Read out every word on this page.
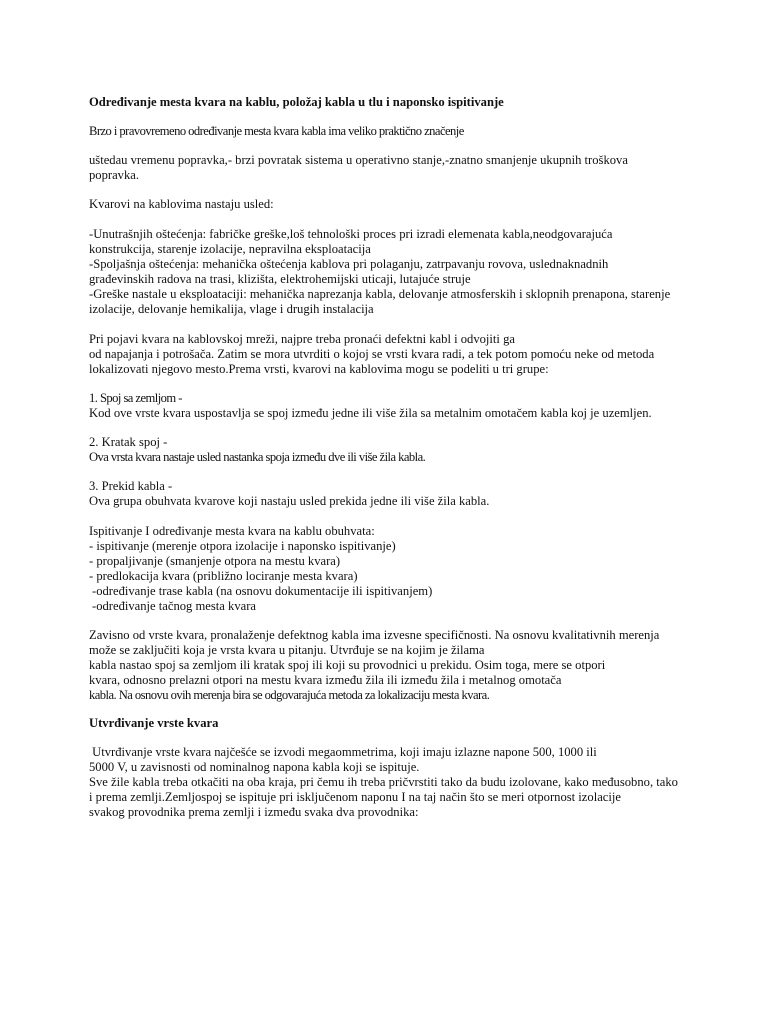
Određivanje mesta kvara na kablu, položaj kabla u tlu i naponsko ispitivanje

Brzo i pravovremeno određivanje mesta kvara kabla ima veliko praktično značenje

uštedau vremenu popravka,- brzi povratak sistema u operativno stanje,-znatno smanjenje ukupnih troškova
popravka.

Kvarovi na kablovima nastaju usled:

-Unutrašnjih oštećenja: fabričke greške,loš tehnološki proces pri izradi elemenata kabla,neodgovarajuća
konstrukcija, starenje izolacije, nepravilna eksploatacija
-Spoljašnja oštećenja: mehanička oštećenja kablova pri polaganju, zatrpavanju rovova, uslednaknadnih
građevinskih radova na trasi, klizišta, elektrohemijski uticaji, lutajuće struje
-Greške nastale u eksploataciji: mehanička naprezanja kabla, delovanje atmosferskih i sklopnih prenapona, starenje
izolacije, delovanje hemikalija, vlage i drugih instalacija

Pri pojavi kvara na kablovskoj mreži, najpre treba pronaći defektni kabl i odvojiti ga
od napajanja i potrošača. Zatim se mora utvrditi o kojoj se vrsti kvara radi, a tek potom pomoću neke od metoda
lokalizovati njegovo mesto.Prema vrsti, kvarovi na kablovima mogu se podeliti u tri grupe:

1. Spoj sa zemljom -
Kod ove vrste kvara uspostavlja se spoj između jedne ili više žila sa metalnim omotačem kabla koj je uzemljen.

2. Kratak spoj -
Ova vrsta kvara nastaje usled nastanka spoja između dve ili više žila kabla.

3. Prekid kabla -
Ova grupa obuhvata kvarove koji nastaju usled prekida jedne ili više žila kabla.

Ispitivanje I određivanje mesta kvara na kablu obuhvata:
- ispitivanje (merenje otpora izolacije i naponsko ispitivanje)
- propaljivanje (smanjenje otpora na mestu kvara)
- predlokacija kvara (približno lociranje mesta kvara)
-određivanje trase kabla (na osnovu dokumentacije ili ispitivanjem)
-određivanje tačnog mesta kvara

Zavisno od vrste kvara, pronalaženje defektnog kabla ima izvesne specifičnosti. Na osnovu kvalitativnih merenja
može se zaključiti koja je vrsta kvara u pitanju. Utvrđuje se na kojim je žilama
kabla nastao spoj sa zemljom ili kratak spoj ili koji su provodnici u prekidu. Osim toga, mere se otpori
kvara, odnosno prelazni otpori na mestu kvara između žila ili između žila i metalnog omotača
kabla. Na osnovu ovih merenja bira se odgovarajuća metoda za lokalizaciju mesta kvara.

Utvrđivanje vrste kvara

Utvrđivanje vrste kvara najčešće se izvodi megaommetrima, koji imaju izlazne napone 500, 1000 ili
5000 V, u zavisnosti od nominalnog napona kabla koji se ispituje.
Sve žile kabla treba otkačiti na oba kraja, pri čemu ih treba pričvrstiti tako da budu izolovane, kako međusobno, tako
i prema zemlji.Zemljospoj se ispituje pri isključenom naponu I na taj način što se meri otpornost izolacije
svakog provodnika prema zemlji i između svaka dva provodnika:
